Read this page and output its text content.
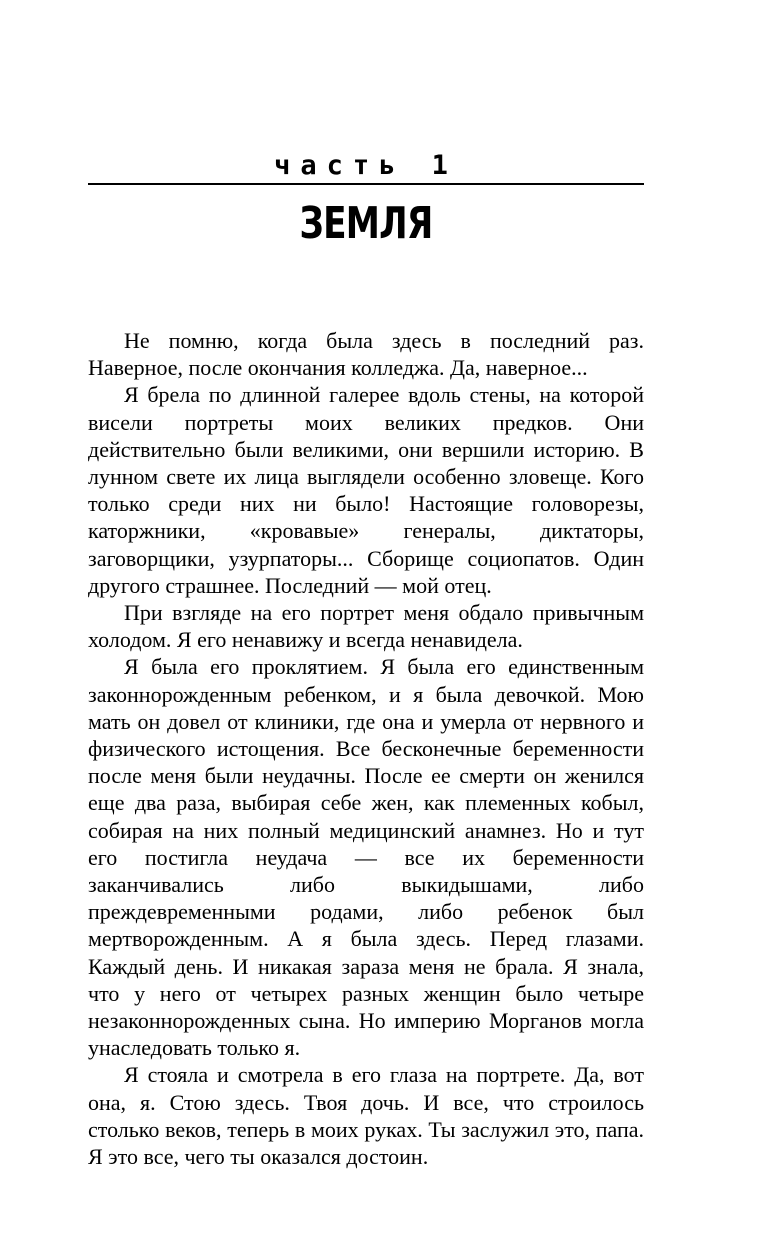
часть 1
ЗЕМЛЯ

Не помню, когда была здесь в последний раз. Наверное, после окончания колледжа. Да, наверное...

Я брела по длинной галерее вдоль стены, на которой висели портреты моих великих предков. Они действительно были великими, они вершили историю. В лунном свете их лица выглядели особенно зловеще. Кого только среди них ни было! Настоящие головорезы, каторжники, «кровавые» генералы, диктаторы, заговорщики, узурпаторы... Сборище социопатов. Один другого страшнее. Последний — мой отец.

При взгляде на его портрет меня обдало привычным холодом. Я его ненавижу и всегда ненавидела.

Я была его проклятием. Я была его единственным законнорожденным ребенком, и я была девочкой. Мою мать он довел от клиники, где она и умерла от нервного и физического истощения. Все бесконечные беременности после меня были неудачны. После ее смерти он женился еще два раза, выбирая себе жен, как племенных кобыл, собирая на них полный медицинский анамнез. Но и тут его постигла неудача — все их беременности заканчивались либо выкидышами, либо преждевременными родами, либо ребенок был мертворожденным. А я была здесь. Перед глазами. Каждый день. И никакая зараза меня не брала. Я знала, что у него от четырех разных женщин было четыре незаконнорожденных сына. Но империю Морганов могла унаследовать только я.

Я стояла и смотрела в его глаза на портрете. Да, вот она, я. Стою здесь. Твоя дочь. И все, что строилось столько веков, теперь в моих руках. Ты заслужил это, папа. Я это все, чего ты оказался достоин.
